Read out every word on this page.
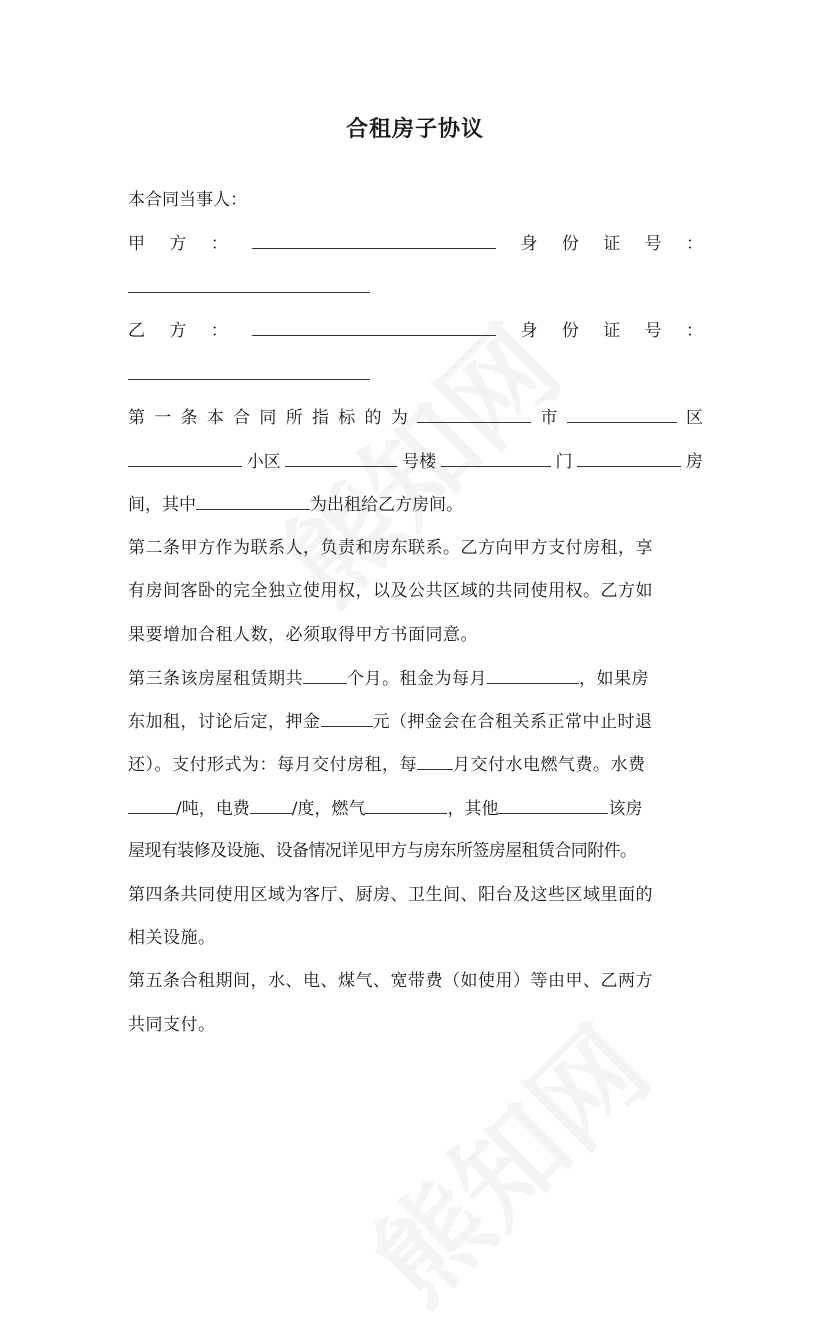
合租房子协议
本合同当事人：
甲 方 ：	身 份 证 号 ：
乙 方 ：	身 份 证 号 ：
第 一 条 本 合 同 所 指 标 的 为	市	区
小区	号楼	门	房
间，其中	为出租给乙方房间。
第二条甲方作为联系人，负责和房东联系。乙方向甲方支付房租，享
有房间客卧的完全独立使用权，以及公共区域的共同使用权。乙方如
果要增加合租人数，必须取得甲方书面同意。
第三条该房屋租赁期共	个月。租金为每月	，如果房
东加租，讨论后定，押金	元（押金会在合租关系正常中止时退
还）。支付形式为：每月交付房租，每 月交付水电燃气费。水费
/吨，电费 /度，燃气	，其他	该房
屋现有装修及设施、设备情况详见甲方与房东所签房屋租赁合同附件。
第四条共同使用区域为客厅、厨房、卫生间、阳台及这些区域里面的
相关设施。
第五条合租期间，水、电、煤气、宽带费（如使用）等由甲、乙两方
共同支付。
